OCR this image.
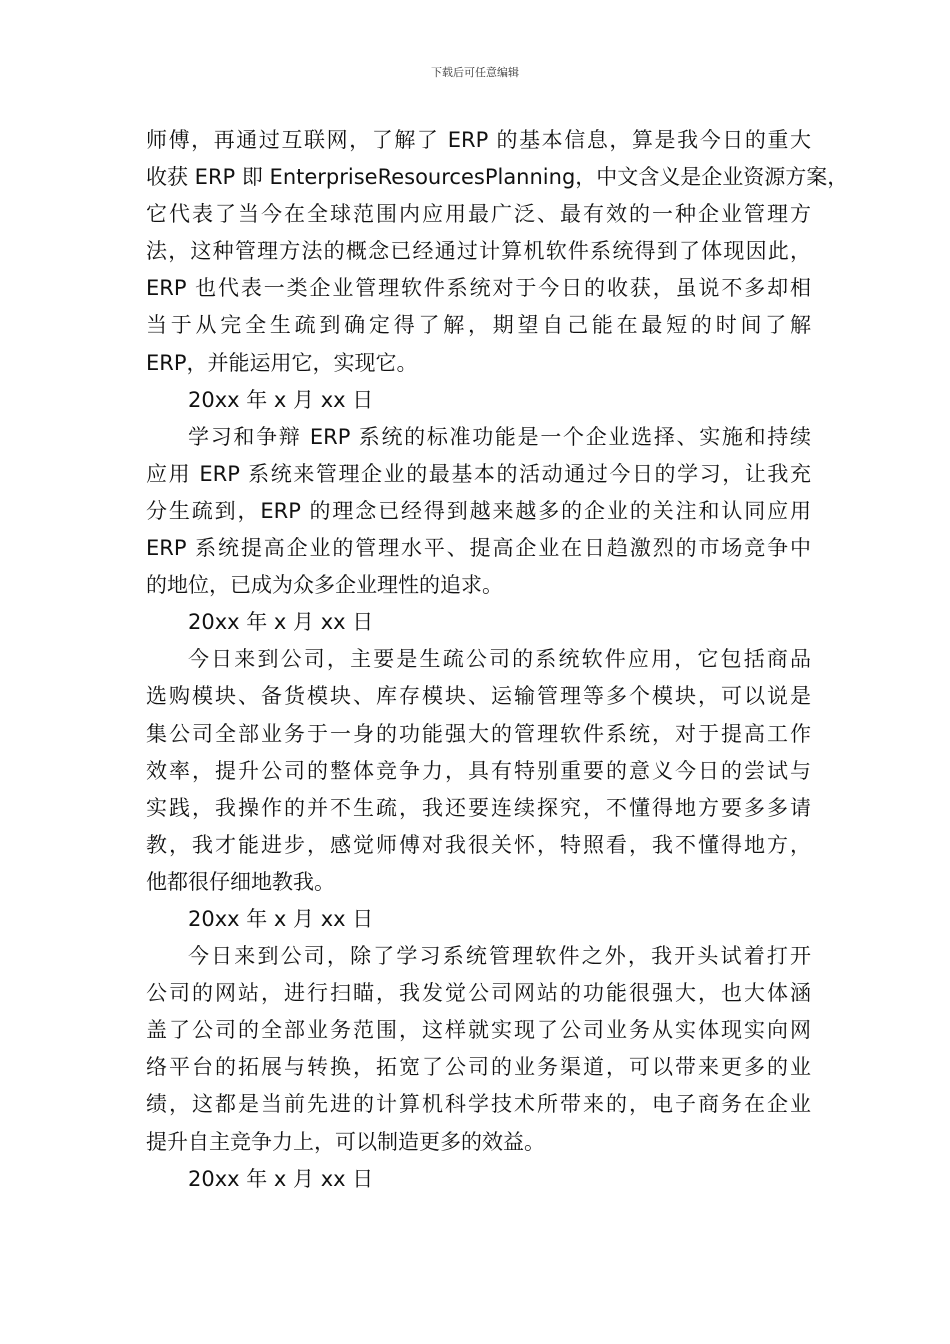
下载后可任意编辑
师傅，再通过互联网，了解了 ERP 的基本信息，算是我今日的重大
收获 ERP 即 EnterpriseResourcesPlanning，中文含义是企业资源方案，
它代表了当今在全球范围内应用最广泛、最有效的一种企业管理方
法，这种管理方法的概念已经通过计算机软件系统得到了体现因此，
ERP 也代表一类企业管理软件系统对于今日的收获，虽说不多却相
当于从完全生疏到确定得了解，期望自己能在最短的时间了解
ERP，并能运用它，实现它。
20xx 年 x 月 xx 日
学习和争辩 ERP 系统的标准功能是一个企业选择、实施和持续
应用 ERP 系统来管理企业的最基本的活动通过今日的学习，让我充
分生疏到，ERP 的理念已经得到越来越多的企业的关注和认同应用
ERP 系统提高企业的管理水平、提高企业在日趋激烈的市场竞争中
的地位，已成为众多企业理性的追求。
20xx 年 x 月 xx 日
今日来到公司，主要是生疏公司的系统软件应用，它包括商品
选购模块、备货模块、库存模块、运输管理等多个模块，可以说是
集公司全部业务于一身的功能强大的管理软件系统，对于提高工作
效率，提升公司的整体竞争力，具有特别重要的意义今日的尝试与
实践，我操作的并不生疏，我还要连续探究，不懂得地方要多多请
教，我才能进步，感觉师傅对我很关怀，特照看，我不懂得地方，
他都很仔细地教我。
20xx 年 x 月 xx 日
今日来到公司，除了学习系统管理软件之外，我开头试着打开
公司的网站，进行扫瞄，我发觉公司网站的功能很强大，也大体涵
盖了公司的全部业务范围，这样就实现了公司业务从实体现实向网
络平台的拓展与转换，拓宽了公司的业务渠道，可以带来更多的业
绩，这都是当前先进的计算机科学技术所带来的，电子商务在企业
提升自主竞争力上，可以制造更多的效益。
20xx 年 x 月 xx 日
